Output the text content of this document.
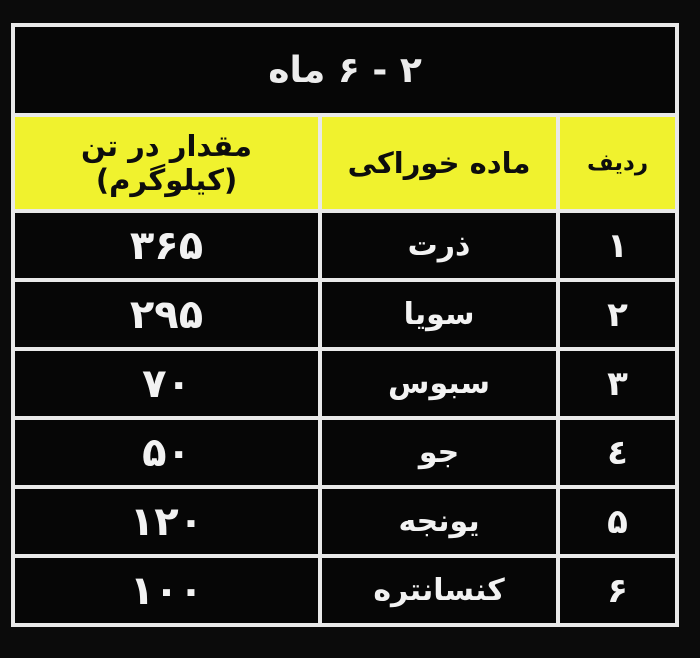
۲ - ۶ ماه		
ردیف	ماده خوراکی	مقدار در تن (کیلوگرم)
۱	ذرت	۳۶۵
۲	سویا	۲۹۵
۳	سبوس	۷۰
٤	جو	۵۰
۵	یونجه	۱۲۰
۶	کنسانتره	۱۰۰
